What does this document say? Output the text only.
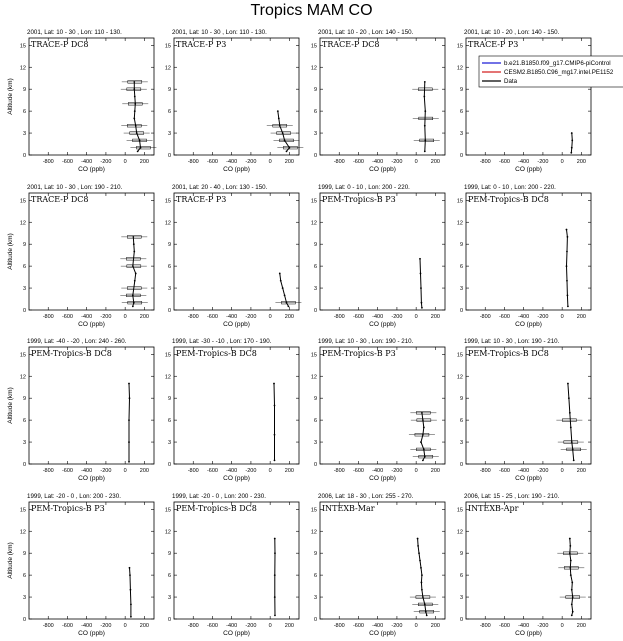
Tropics MAM CO
2001, Lat: 10 - 30 , Lon: 110 - 130.
TRACE-P DC8
0
3
6
9
12
15
-800 -600 -400 -200 0 200
CO (ppb)
Altitude (km)
2001, Lat: 10 - 30 , Lon: 110 - 130.
TRACE-P P3
0
3
6
9
12
15
-800 -600 -400 -200 0 200
CO (ppb)
2001, Lat: 10 - 20 , Lon: 140 - 150.
TRACE-P DC8
0
3
6
9
12
15
-800 -600 -400 -200 0 200
CO (ppb)
2001, Lat: 10 - 20 , Lon: 140 - 150.
TRACE-P P3
0
3
6
9
12
15
-800 -600 -400 -200 0 200
CO (ppb)
2001, Lat: 10 - 30 , Lon: 190 - 210.
TRACE-P DC8
0
3
6
9
12
15
-800 -600 -400 -200 0 200
CO (ppb)
Altitude (km)
2001, Lat: 20 - 40 , Lon: 130 - 150.
TRACE-P P3
0
3
6
9
12
15
-800 -600 -400 -200 0 200
CO (ppb)
1999, Lat: 0 - 10 , Lon: 200 - 220.
PEM-Tropics-B P3
0
3
6
9
12
15
-800 -600 -400 -200 0 200
CO (ppb)
1999, Lat: 0 - 10 , Lon: 200 - 220.
PEM-Tropics-B DC8
0
3
6
9
12
15
-800 -600 -400 -200 0 200
CO (ppb)
1999, Lat: -40 - -20 , Lon: 240 - 260.
PEM-Tropics-B DC8
0
3
6
9
12
15
-800 -600 -400 -200 0 200
CO (ppb)
Altitude (km)
1999, Lat: -30 - -10 , Lon: 170 - 190.
PEM-Tropics-B DC8
0
3
6
9
12
15
-800 -600 -400 -200 0 200
CO (ppb)
1999, Lat: 10 - 30 , Lon: 190 - 210.
PEM-Tropics-B P3
0
3
6
9
12
15
-800 -600 -400 -200 0 200
CO (ppb)
1999, Lat: 10 - 30 , Lon: 190 - 210.
PEM-Tropics-B DC8
0
3
6
9
12
15
-800 -600 -400 -200 0 200
CO (ppb)
1999, Lat: -20 - 0 , Lon: 200 - 230.
PEM-Tropics-B P3
0
3
6
9
12
15
-800 -600 -400 -200 0 200
CO (ppb)
Altitude (km)
1999, Lat: -20 - 0 , Lon: 200 - 230.
PEM-Tropics-B DC8
0
3
6
9
12
15
-800 -600 -400 -200 0 200
CO (ppb)
2006, Lat: 18 - 30 , Lon: 255 - 270.
INTEXB-Mar
0
3
6
9
12
15
-800 -600 -400 -200 0 200
CO (ppb)
2006, Lat: 15 - 25 , Lon: 190 - 210.
INTEXB-Apr
0
3
6
9
12
15
-800 -600 -400 -200 0 200
CO (ppb)
b.e21.B1850.f09_g17.CMIP6-piControl
CESM2.B1850.C96_mg17.intel.PE1152
Data
